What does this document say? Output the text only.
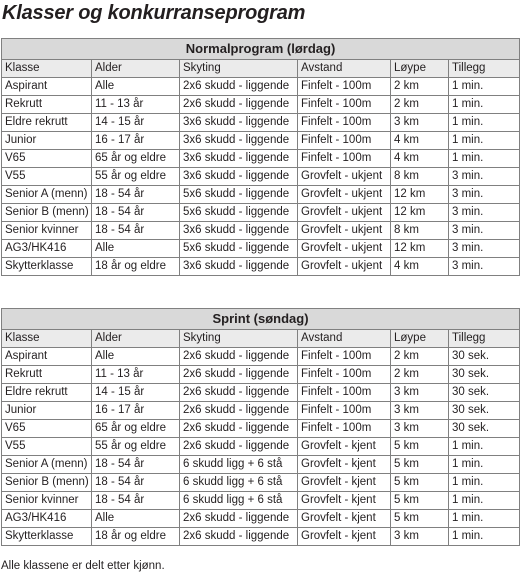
Klasser og konkurranseprogram
Normalprogram (lørdag)					
Klasse	Alder	Skyting	Avstand	Løype	Tillegg
Aspirant	Alle	2x6 skudd - liggende	Finfelt - 100m	2 km	1 min.
Rekrutt	11 - 13 år	2x6 skudd - liggende	Finfelt - 100m	2 km	1 min.
Eldre rekrutt	14 - 15 år	3x6 skudd - liggende	Finfelt - 100m	3 km	1 min.
Junior	16 - 17 år	3x6 skudd - liggende	Finfelt - 100m	4 km	1 min.
V65	65 år og eldre	3x6 skudd - liggende	Finfelt - 100m	4 km	1 min.
V55	55 år og eldre	3x6 skudd - liggende	Grovfelt - ukjent	8 km	3 min.
Senior A (menn)	18 - 54 år	5x6 skudd - liggende	Grovfelt - ukjent	12 km	3 min.
Senior B (menn)	18 - 54 år	5x6 skudd - liggende	Grovfelt - ukjent	12 km	3 min.
Senior kvinner	18 - 54 år	3x6 skudd - liggende	Grovfelt - ukjent	8 km	3 min.
AG3/HK416	Alle	5x6 skudd - liggende	Grovfelt - ukjent	12 km	3 min.
Skytterklasse	18 år og eldre	3x6 skudd - liggende	Grovfelt - ukjent	4 km	3 min.
Sprint (søndag)					
Klasse	Alder	Skyting	Avstand	Løype	Tillegg
Aspirant	Alle	2x6 skudd - liggende	Finfelt - 100m	2 km	30 sek.
Rekrutt	11 - 13 år	2x6 skudd - liggende	Finfelt - 100m	2 km	30 sek.
Eldre rekrutt	14 - 15 år	2x6 skudd - liggende	Finfelt - 100m	3 km	30 sek.
Junior	16 - 17 år	2x6 skudd - liggende	Finfelt - 100m	3 km	30 sek.
V65	65 år og eldre	2x6 skudd - liggende	Finfelt - 100m	3 km	30 sek.
V55	55 år og eldre	2x6 skudd - liggende	Grovfelt - kjent	5 km	1 min.
Senior A (menn)	18 - 54 år	6 skudd ligg + 6 stå	Grovfelt - kjent	5 km	1 min.
Senior B (menn)	18 - 54 år	6 skudd ligg + 6 stå	Grovfelt - kjent	5 km	1 min.
Senior kvinner	18 - 54 år	6 skudd ligg + 6 stå	Grovfelt - kjent	5 km	1 min.
AG3/HK416	Alle	2x6 skudd - liggende	Grovfelt - kjent	5 km	1 min.
Skytterklasse	18 år og eldre	2x6 skudd - liggende	Grovfelt - kjent	3 km	1 min.
Alle klassene er delt etter kjønn.
